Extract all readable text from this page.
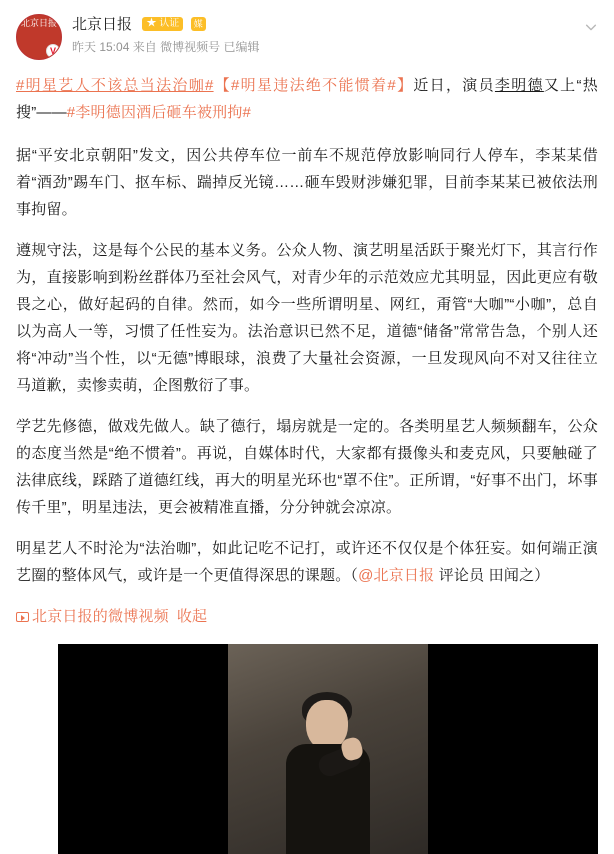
北京日报
V
北京日报 ★ 认证 媒
昨天 15:04 来自 微博视频号 已编辑

#明星艺人不该总当法治咖#【#明星违法绝不能惯着#】近日，演员李明德又上“热搜”——#李明德因酒后砸车被刑拘#

据“平安北京朝阳”发文，因公共停车位一前车不规范停放影响同行人停车，李某某借着“酒劲”踢车门、抠车标、踹掉反光镜……砸车毁财涉嫌犯罪，目前李某某已被依法刑事拘留。

遵规守法，这是每个公民的基本义务。公众人物、演艺明星活跃于聚光灯下，其言行作为，直接影响到粉丝群体乃至社会风气，对青少年的示范效应尤其明显，因此更应有敬畏之心，做好起码的自律。然而，如今一些所谓明星、网红，甭管“大咖”“小咖”，总自以为高人一等，习惯了任性妄为。法治意识已然不足，道德“储备”常常告急，个别人还将“冲动”当个性，以“无德”博眼球，浪费了大量社会资源，一旦发现风向不对又往往立马道歉，卖惨卖萌，企图敷衍了事。

学艺先修德，做戏先做人。缺了德行，塌房就是一定的。各类明星艺人频频翻车，公众的态度当然是“绝不惯着”。再说，自媒体时代，大家都有摄像头和麦克风，只要触碰了法律底线，踩踏了道德红线，再大的明星光环也“罩不住”。正所谓，“好事不出门，坏事传千里”，明星违法，更会被精准直播，分分钟就会凉凉。

明星艺人不时沦为“法治咖”，如此记吃不记打，或许还不仅仅是个体狂妄。如何端正演艺圈的整体风气，或许是一个更值得深思的课题。（@北京日报 评论员 田闻之）

北京日报的微博视频 收起
